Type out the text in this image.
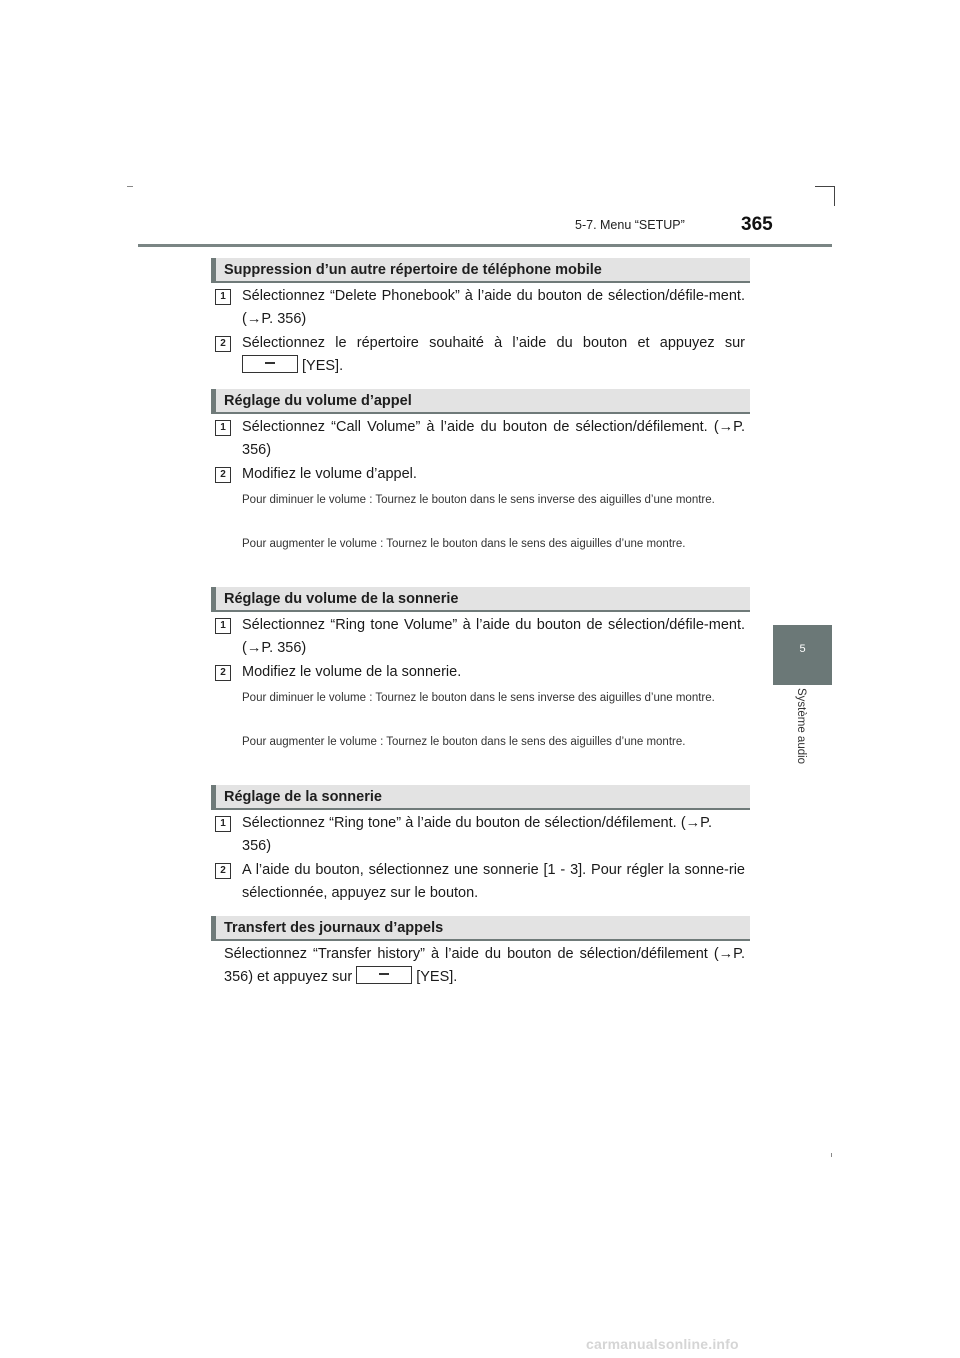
5-7. Menu “SETUP”	365
5
Système audio
Suppression d’un autre répertoire de téléphone mobile
1	Sélectionnez “Delete Phonebook” à l’aide du bouton de sélection/défile-ment. (→P. 356)
2	Sélectionnez le répertoire souhaité à l’aide du bouton et appuyez sur [YES].
Réglage du volume d’appel
1	Sélectionnez “Call Volume” à l’aide du bouton de sélection/défilement. (→P. 356)
2	Modifiez le volume d’appel.
Pour diminuer le volume : Tournez le bouton dans le sens inverse des aiguilles d’une montre.
Pour augmenter le volume : Tournez le bouton dans le sens des aiguilles d’une montre.
Réglage du volume de la sonnerie
1	Sélectionnez “Ring tone Volume” à l’aide du bouton de sélection/défile-ment. (→P. 356)
2	Modifiez le volume de la sonnerie.
Pour diminuer le volume : Tournez le bouton dans le sens inverse des aiguilles d’une montre.
Pour augmenter le volume : Tournez le bouton dans le sens des aiguilles d’une montre.
Réglage de la sonnerie
1	Sélectionnez “Ring tone” à l’aide du bouton de sélection/défilement. (→P. 356)
2	A l’aide du bouton, sélectionnez une sonnerie [1 - 3]. Pour régler la sonne-rie sélectionnée, appuyez sur le bouton.
Transfert des journaux d’appels
Sélectionnez “Transfer history” à l’aide du bouton de sélection/défilement (→P. 356) et appuyez sur	[YES].
carmanualsonline.info
